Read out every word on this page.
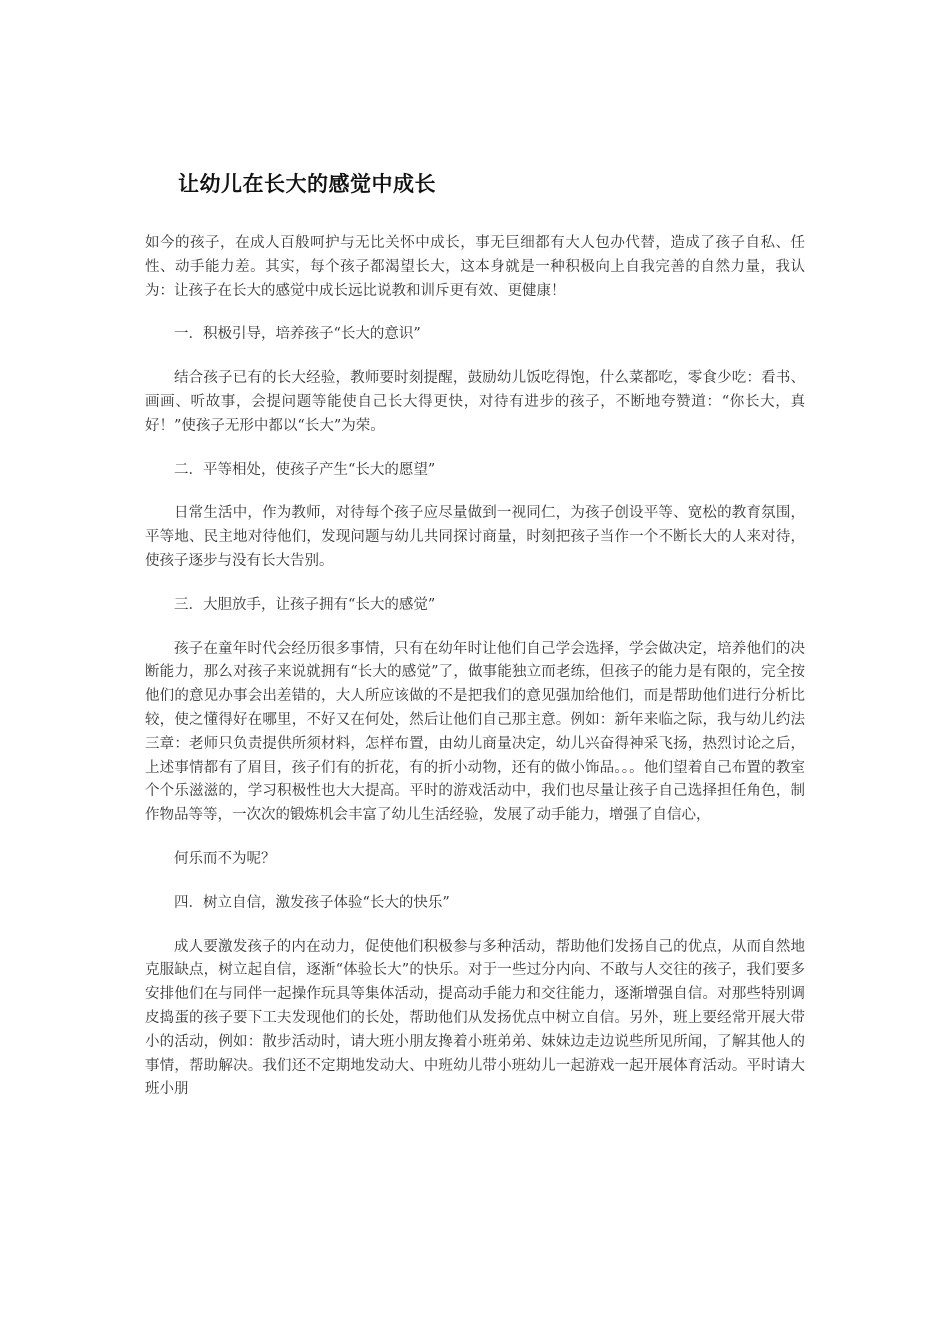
让幼儿在长大的感觉中成长

如今的孩子，在成人百般呵护与无比关怀中成长，事无巨细都有大人包办代替，造成了孩子自私、任性、动手能力差。其实，每个孩子都渴望长大，这本身就是一种积极向上自我完善的自然力量，我认为：让孩子在长大的感觉中成长远比说教和训斥更有效、更健康！

一．积极引导，培养孩子“长大的意识”

结合孩子已有的长大经验，教师要时刻提醒，鼓励幼儿饭吃得饱，什么菜都吃，零食少吃：看书、画画、听故事，会提问题等能使自己长大得更快，对待有进步的孩子，不断地夸赞道：“你长大，真好！”使孩子无形中都以“长大”为荣。

二．平等相处，使孩子产生“长大的愿望”

日常生活中，作为教师，对待每个孩子应尽量做到一视同仁，为孩子创设平等、宽松的教育氛围，平等地、民主地对待他们，发现问题与幼儿共同探讨商量，时刻把孩子当作一个不断长大的人来对待，使孩子逐步与没有长大告别。

三．大胆放手，让孩子拥有“长大的感觉”

孩子在童年时代会经历很多事情，只有在幼年时让他们自己学会选择，学会做决定，培养他们的决断能力，那么对孩子来说就拥有“长大的感觉”了，做事能独立而老练，但孩子的能力是有限的，完全按他们的意见办事会出差错的，大人所应该做的不是把我们的意见强加给他们，而是帮助他们进行分析比较，使之懂得好在哪里，不好又在何处，然后让他们自己那主意。例如：新年来临之际，我与幼儿约法三章：老师只负责提供所须材料，怎样布置，由幼儿商量决定，幼儿兴奋得神采飞扬，热烈讨论之后，上述事情都有了眉目，孩子们有的折花，有的折小动物，还有的做小饰品。。。他们望着自己布置的教室个个乐滋滋的，学习积极性也大大提高。平时的游戏活动中，我们也尽量让孩子自己选择担任角色，制作物品等等，一次次的锻炼机会丰富了幼儿生活经验，发展了动手能力，增强了自信心，

何乐而不为呢？

四．树立自信，激发孩子体验“长大的快乐”

成人要激发孩子的内在动力，促使他们积极参与多种活动，帮助他们发扬自己的优点，从而自然地克服缺点，树立起自信，逐渐“体验长大”的快乐。对于一些过分内向、不敢与人交往的孩子，我们要多安排他们在与同伴一起操作玩具等集体活动，提高动手能力和交往能力，逐渐增强自信。对那些特别调皮捣蛋的孩子要下工夫发现他们的长处，帮助他们从发扬优点中树立自信。另外，班上要经常开展大带小的活动，例如：散步活动时，请大班小朋友搀着小班弟弟、妹妹边走边说些所见所闻，了解其他人的事情，帮助解决。我们还不定期地发动大、中班幼儿带小班幼儿一起游戏一起开展体育活动。平时请大班小朋
